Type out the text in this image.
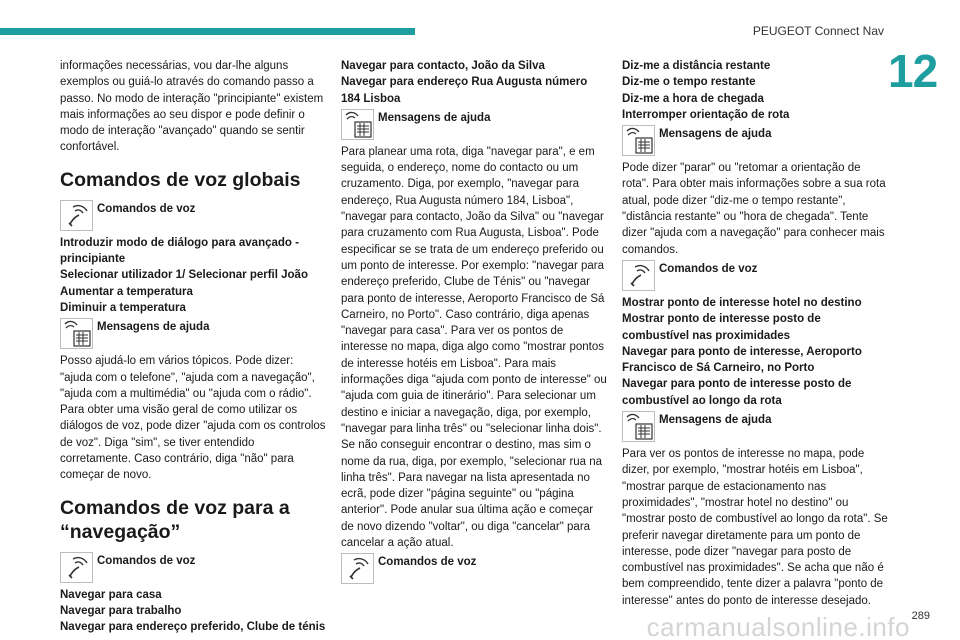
PEUGEOT Connect Nav
12

informações necessárias, vou dar-lhe alguns exemplos ou guiá-lo através do comando passo a passo. No modo de interação "principiante" existem mais informações ao seu dispor e pode definir o modo de interação "avançado" quando se sentir confortável.

Comandos de voz globais
Comandos de voz
Introduzir modo de diálogo para avançado - principiante
Selecionar utilizador 1/ Selecionar perfil João
Aumentar a temperatura
Diminuir a temperatura
Mensagens de ajuda

Posso ajudá-lo em vários tópicos. Pode dizer: "ajuda com o telefone", "ajuda com a navegação", "ajuda com a multimédia" ou "ajuda com o rádio". Para obter uma visão geral de como utilizar os diálogos de voz, pode dizer "ajuda com os controlos de voz". Diga "sim", se tiver entendido corretamente. Caso contrário, diga "não" para começar de novo.

Comandos de voz para a “navegação”
Comandos de voz
Navegar para casa
Navegar para trabalho
Navegar para endereço preferido, Clube de ténis
Navegar para contacto, João da Silva
Navegar para endereço Rua Augusta número 184 Lisboa
Mensagens de ajuda

Para planear uma rota, diga "navegar para", e em seguida, o endereço, nome do contacto ou um cruzamento. Diga, por exemplo, "navegar para endereço, Rua Augusta número 184, Lisboa", "navegar para contacto, João da Silva" ou "navegar para cruzamento com Rua Augusta, Lisboa". Pode especificar se se trata de um endereço preferido ou um ponto de interesse. Por exemplo: "navegar para endereço preferido, Clube de Ténis" ou "navegar para ponto de interesse, Aeroporto Francisco de Sá Carneiro, no Porto". Caso contrário, diga apenas "navegar para casa". Para ver os pontos de interesse no mapa, diga algo como "mostrar pontos de interesse hotéis em Lisboa". Para mais informações diga "ajuda com ponto de interesse" ou "ajuda com guia de itinerário". Para selecionar um destino e iniciar a navegação, diga, por exemplo, "navegar para linha três" ou "selecionar linha dois". Se não conseguir encontrar o destino, mas sim o nome da rua, diga, por exemplo, "selecionar rua na linha três". Para navegar na lista apresentada no ecrã, pode dizer "página seguinte" ou "página anterior". Pode anular sua última ação e começar de novo dizendo "voltar", ou diga "cancelar" para cancelar a ação atual.

Comandos de voz
Diz-me a distância restante
Diz-me o tempo restante
Diz-me a hora de chegada
Interromper orientação de rota
Mensagens de ajuda

Pode dizer "parar" ou "retomar a orientação de rota". Para obter mais informações sobre a sua rota atual, pode dizer "diz-me o tempo restante", "distância restante" ou "hora de chegada". Tente dizer "ajuda com a navegação" para conhecer mais comandos.

Comandos de voz
Mostrar ponto de interesse hotel no destino
Mostrar ponto de interesse posto de combustível nas proximidades
Navegar para ponto de interesse, Aeroporto Francisco de Sá Carneiro, no Porto
Navegar para ponto de interesse posto de combustível ao longo da rota
Mensagens de ajuda

Para ver os pontos de interesse no mapa, pode dizer, por exemplo, "mostrar hotéis em Lisboa", "mostrar parque de estacionamento nas proximidades", "mostrar hotel no destino" ou "mostrar posto de combustível ao longo da rota". Se preferir navegar diretamente para um ponto de interesse, pode dizer "navegar para posto de combustível nas proximidades". Se acha que não é bem compreendido, tente dizer a palavra "ponto de interesse" antes do ponto de interesse desejado.

carmanualsonline.info 289
